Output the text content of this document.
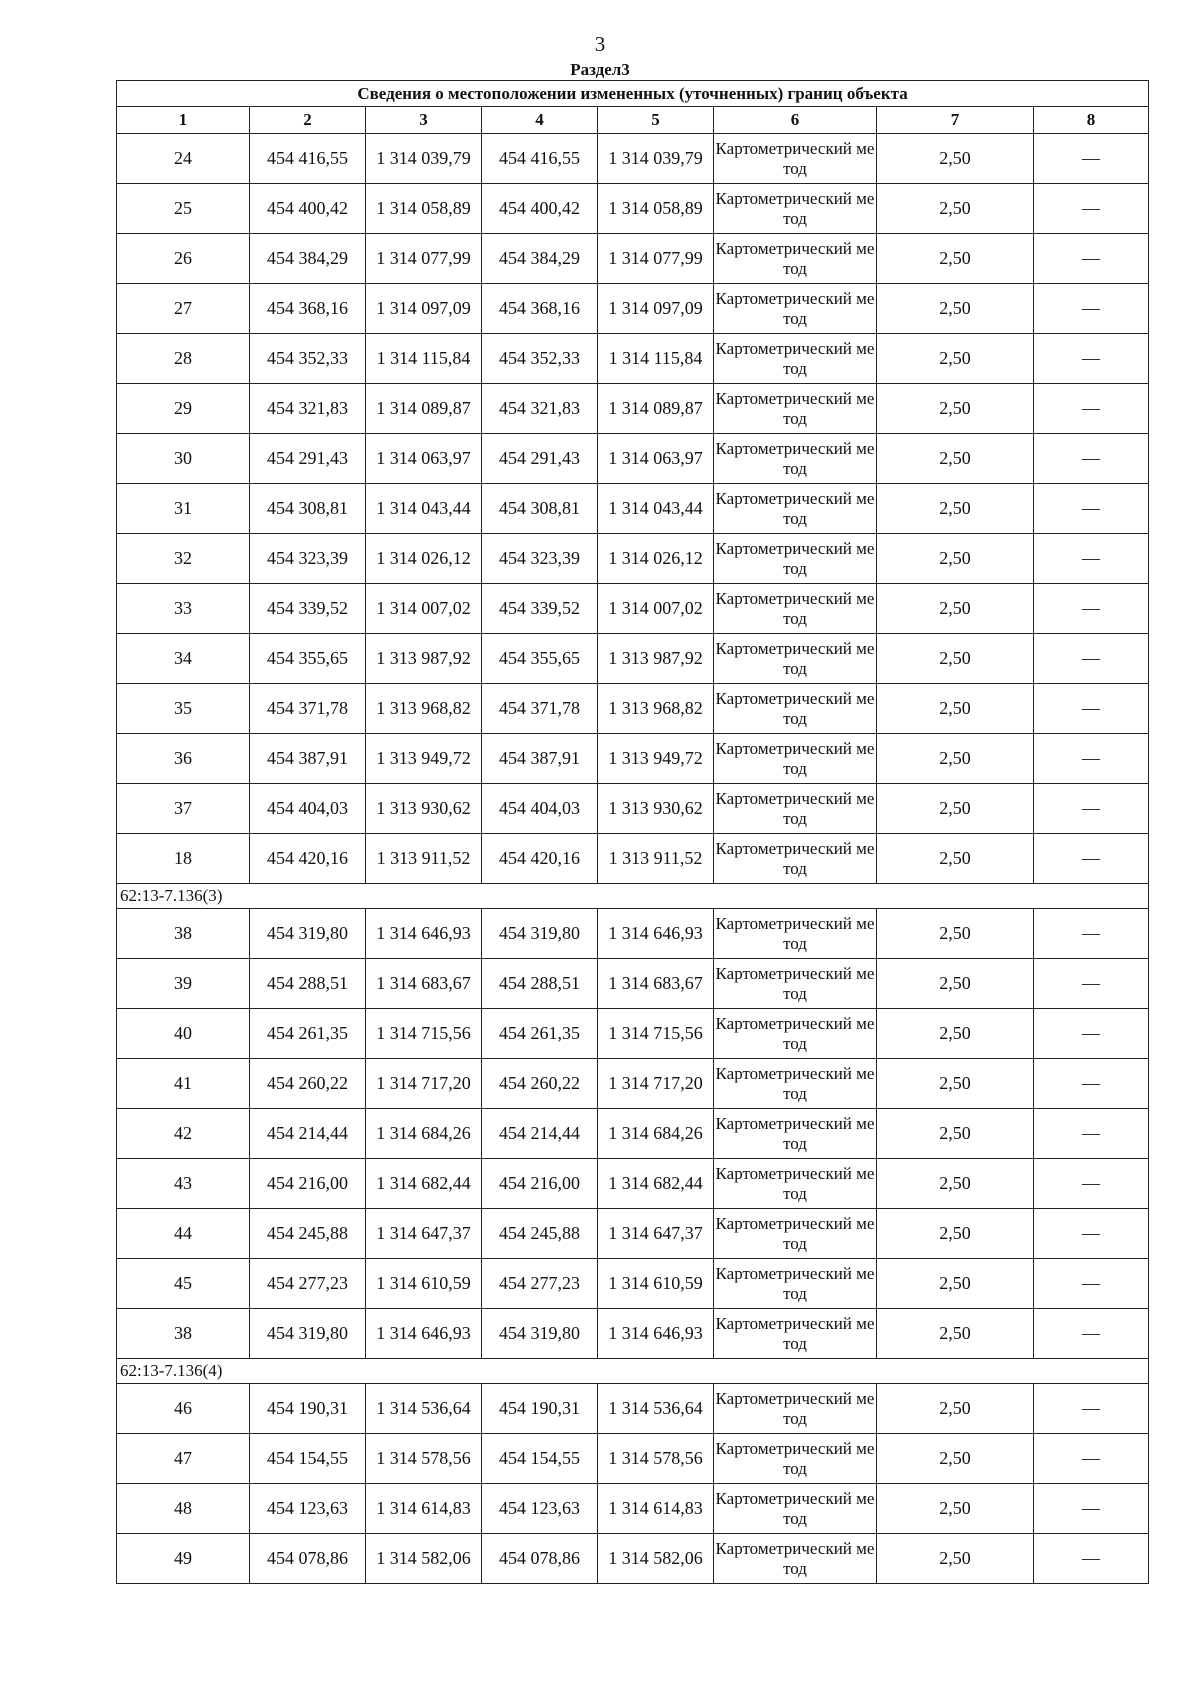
3
Раздел3
Сведения о местоположении измененных (уточненных) границ объекта							
1	2	3	4	5	6	7	8
24	454 416,55	1 314 039,79	454 416,55	1 314 039,79	Картометрический метод	2,50	—
25	454 400,42	1 314 058,89	454 400,42	1 314 058,89	Картометрический метод	2,50	—
26	454 384,29	1 314 077,99	454 384,29	1 314 077,99	Картометрический метод	2,50	—
27	454 368,16	1 314 097,09	454 368,16	1 314 097,09	Картометрический метод	2,50	—
28	454 352,33	1 314 115,84	454 352,33	1 314 115,84	Картометрический метод	2,50	—
29	454 321,83	1 314 089,87	454 321,83	1 314 089,87	Картометрический метод	2,50	—
30	454 291,43	1 314 063,97	454 291,43	1 314 063,97	Картометрический метод	2,50	—
31	454 308,81	1 314 043,44	454 308,81	1 314 043,44	Картометрический метод	2,50	—
32	454 323,39	1 314 026,12	454 323,39	1 314 026,12	Картометрический метод	2,50	—
33	454 339,52	1 314 007,02	454 339,52	1 314 007,02	Картометрический метод	2,50	—
34	454 355,65	1 313 987,92	454 355,65	1 313 987,92	Картометрический метод	2,50	—
35	454 371,78	1 313 968,82	454 371,78	1 313 968,82	Картометрический метод	2,50	—
36	454 387,91	1 313 949,72	454 387,91	1 313 949,72	Картометрический метод	2,50	—
37	454 404,03	1 313 930,62	454 404,03	1 313 930,62	Картометрический метод	2,50	—
18	454 420,16	1 313 911,52	454 420,16	1 313 911,52	Картометрический метод	2,50	—
62:13-7.136(3)							
38	454 319,80	1 314 646,93	454 319,80	1 314 646,93	Картометрический метод	2,50	—
39	454 288,51	1 314 683,67	454 288,51	1 314 683,67	Картометрический метод	2,50	—
40	454 261,35	1 314 715,56	454 261,35	1 314 715,56	Картометрический метод	2,50	—
41	454 260,22	1 314 717,20	454 260,22	1 314 717,20	Картометрический метод	2,50	—
42	454 214,44	1 314 684,26	454 214,44	1 314 684,26	Картометрический метод	2,50	—
43	454 216,00	1 314 682,44	454 216,00	1 314 682,44	Картометрический метод	2,50	—
44	454 245,88	1 314 647,37	454 245,88	1 314 647,37	Картометрический метод	2,50	—
45	454 277,23	1 314 610,59	454 277,23	1 314 610,59	Картометрический метод	2,50	—
38	454 319,80	1 314 646,93	454 319,80	1 314 646,93	Картометрический метод	2,50	—
62:13-7.136(4)							
46	454 190,31	1 314 536,64	454 190,31	1 314 536,64	Картометрический метод	2,50	—
47	454 154,55	1 314 578,56	454 154,55	1 314 578,56	Картометрический метод	2,50	—
48	454 123,63	1 314 614,83	454 123,63	1 314 614,83	Картометрический метод	2,50	—
49	454 078,86	1 314 582,06	454 078,86	1 314 582,06	Картометрический метод	2,50	—
